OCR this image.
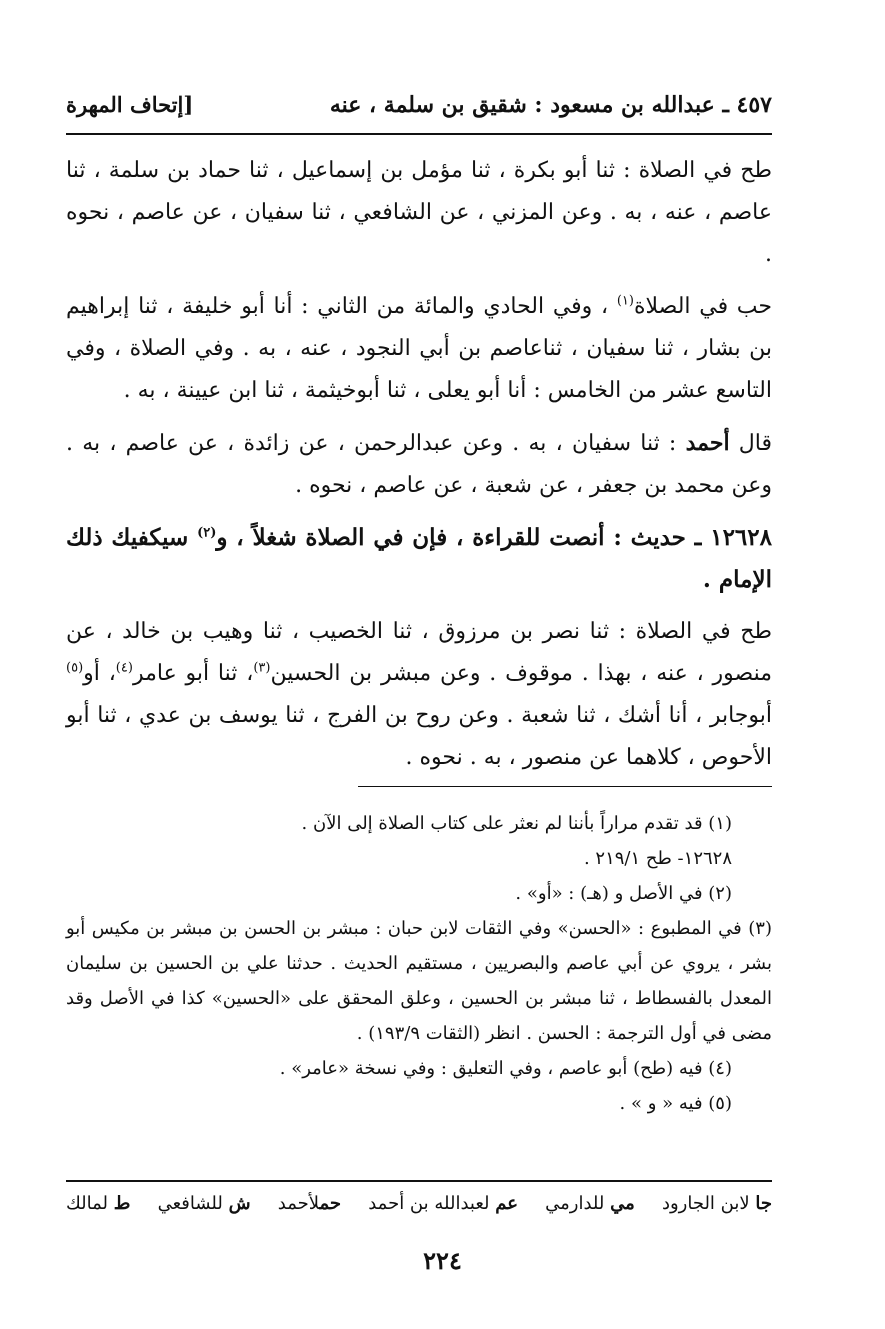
٤٥٧ ـ عبدالله بن مسعود : شقيق بن سلمة ، عنه
[إتحاف المهرة

طح في الصلاة : ثنا أبو بكرة ، ثنا مؤمل بن إسماعيل ، ثنا حماد بن سلمة ، ثنا عاصم ، عنه ، به . وعن المزني ، عن الشافعي ، ثنا سفيان ، عن عاصم ، نحوه .

حب في الصلاة$^{(١)}$ ، وفي الحادي والمائة من الثاني : أنا أبو خليفة ، ثنا إبراهيم بن بشار ، ثنا سفيان ، ثناعاصم بن أبي النجود ، عنه ، به . وفي الصلاة ، وفي التاسع عشر من الخامس : أنا أبو يعلى ، ثنا أبوخيثمة ، ثنا ابن عيينة ، به .

قال أحمد : ثنا سفيان ، به . وعن عبدالرحمن ، عن زائدة ، عن عاصم ، به . وعن محمد بن جعفر ، عن شعبة ، عن عاصم ، نحوه .

١٢٦٢٨ ـ حديث : أنصت للقراءة ، فإن في الصلاة شغلاً ، و$^{(٢)}$ سيكفيك ذلك الإمام .

طح في الصلاة : ثنا نصر بن مرزوق ، ثنا الخصيب ، ثنا وهيب بن خالد ، عن منصور ، عنه ، بهذا . موقوف . وعن مبشر بن الحسين$^{(٣)}$، ثنا أبو عامر$^{(٤)}$، أو$^{(٥)}$ أبوجابر ، أنا أشك ، ثنا شعبة . وعن روح بن الفرج ، ثنا يوسف بن عدي ، ثنا أبو الأحوص ، كلاهما عن منصور ، به . نحوه .

(١) قد تقدم مراراً بأننا لم نعثر على كتاب الصلاة إلى الآن .

١٢٦٢٨- طح ٢١٩/١ .

(٢) في الأصل و (هـ) : «أو» .

(٣) في المطبوع : «الحسن» وفي الثقات لابن حبان : مبشر بن الحسن بن مبشر بن مكيس أبو بشر ، يروي عن أبي عاصم والبصريين ، مستقيم الحديث . حدثنا علي بن الحسين بن سليمان المعدل بالفسطاط ، ثنا مبشر بن الحسين ، وعلق المحقق على «الحسين» كذا في الأصل وقد مضى في أول الترجمة : الحسن . انظر (الثقات ١٩٣/٩) .

(٤) فيه (طح) أبو عاصم ، وفي التعليق : وفي نسخة «عامر» .

(٥) فيه « و » .

ط لمالك	ش للشافعي	حملأحمد	عم لعبدالله بن أحمد	مي للدارمي	جا لابن الجارود
٢٢٤
